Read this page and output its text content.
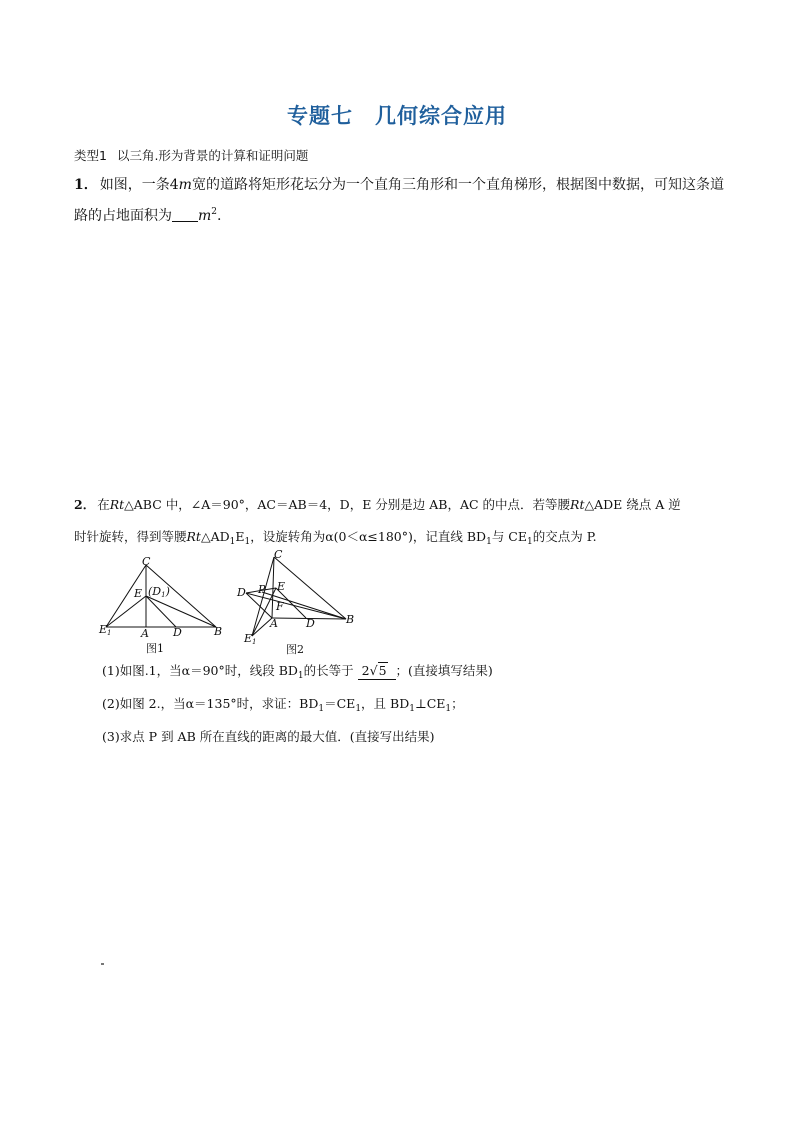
专题七 几何综合应用
类型1 以三角.形为背景的计算和证明问题
1． 如图，一条4m宽的道路将矩形花坛分为一个直角三角形和一个直角梯形，根据图中数据，可知这条道
路的占地面积为 $m^2$.
2． 在Rt△ABC 中，∠A＝90°，AC＝AB＝4，D，E 分别是边 AB，AC 的中点．若等腰Rt△ADE 绕点 A 逆
时针旋转，得到等腰$Rt\triangle AD_1E_1$，设旋转角为α(0＜α≤180°)，记直线 $BD_1$与 $CE_1$的交点为 P.
C
E (D1)
E1	A D	B
图1
C
P E
D
F
A	D	B
E1
图2
(1)如图.1，当α＝90°时，线段 $BD_1$的长等于 2√5 ；(直接填写结果)
(2)如图 2.，当α＝135°时，求证：$BD_1=CE_1$，且 $BD_1\perp CE_1$；
(3)求点 P 到 AB 所在直线的距离的最大值．(直接写出结果)
